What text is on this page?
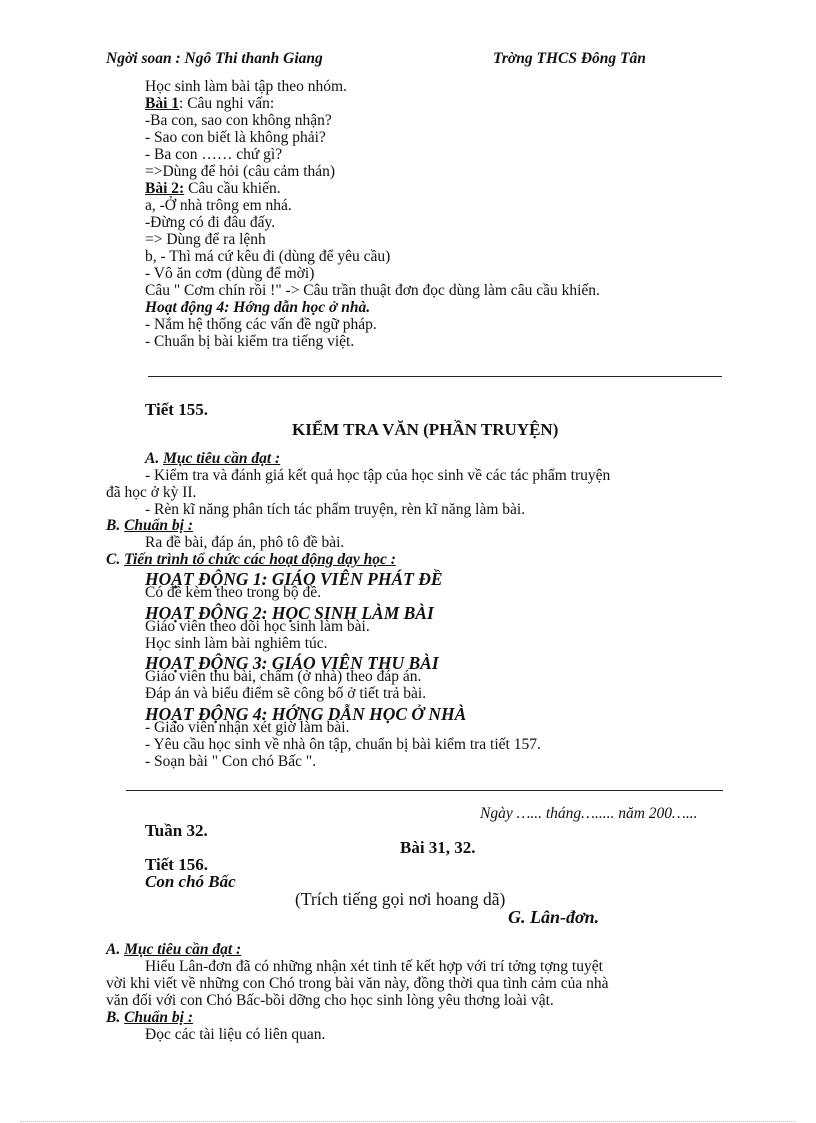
Ngời soan : Ngô Thi thanh Giang	Trờng THCS Đông Tân
Học sinh làm bài tập theo nhóm.
Bài 1: Câu nghi vấn:
-Ba con, sao con không nhận?
- Sao con biết là không phải?
- Ba con …… chứ gì?
=>Dùng để hỏi (câu cảm thán)
Bài 2: Câu cầu khiến.
a, -Ở nhà trông em nhá.
-Đừng có đi đâu đấy.
=> Dùng để ra lệnh
b, - Thì má cứ kêu đi (dùng để yêu cầu)
- Vô ăn cơm (dùng để mời)
Câu " Cơm chín rồi !" -> Câu trần thuật đơn đọc dùng làm câu cầu khiến.
Hoạt động 4: Hớng dẫn học ở nhà.
- Nắm hệ thống các vấn đề ngữ pháp.
- Chuẩn bị bài kiểm tra tiếng việt.
Tiết 155.
KIỂM TRA VĂN (PHẦN TRUYỆN)
A. Mục tiêu cần đạt :
- Kiểm tra và đánh giá kết quả học tập của học sinh về các tác phẩm truyện
đã học ở kỳ II.
- Rèn kĩ năng phân tích tác phẩm truyện, rèn kĩ năng làm bài.
B. Chuẩn bị :
Ra đề bài, đáp án, phô tô đề bài.
C. Tiến trình tổ chức các hoạt động dạy học :
HOẠT ĐỘNG 1: GIÁO VIÊN PHÁT ĐỀ
Có đề kèm theo trong bộ đề.
HOẠT ĐỘNG 2: HỌC SINH LÀM BÀI
Giáo viên theo dõi học sinh làm bài.
Học sinh làm bài nghiêm túc.
HOẠT ĐỘNG 3: GIÁO VIÊN THU BÀI
Giáo viên thu bài, chấm (ở nhà) theo đáp án.
Đáp án và biểu điểm sẽ công bố ở tiết trả bài.
HOẠT ĐỘNG 4: HỚNG DẪN HỌC Ở NHÀ
- Giáo viên nhận xét giờ làm bài.
- Yêu cầu học sinh về nhà ôn tập, chuẩn bị bài kiểm tra tiết 157.
- Soạn bài " Con chó Bấc ".
Ngày …... tháng…..... năm 200…...
Tuần 32.
Bài 31, 32.
Tiết 156.
Con chó Bấc
(Trích tiếng gọi nơi hoang dã)
G. Lân-đơn.
A. Mục tiêu cần đạt :
Hiểu Lân-đơn đã có những nhận xét tinh tế kết hợp với trí tởng tợng tuyệt
vời khi viết về những con Chó trong bài văn này, đồng thời qua tình cảm của nhà
văn đối với con Chó Bấc-bồi dỡng cho học sinh lòng yêu thơng loài vật.
B. Chuẩn bị :
Đọc các tài liệu có liên quan.
